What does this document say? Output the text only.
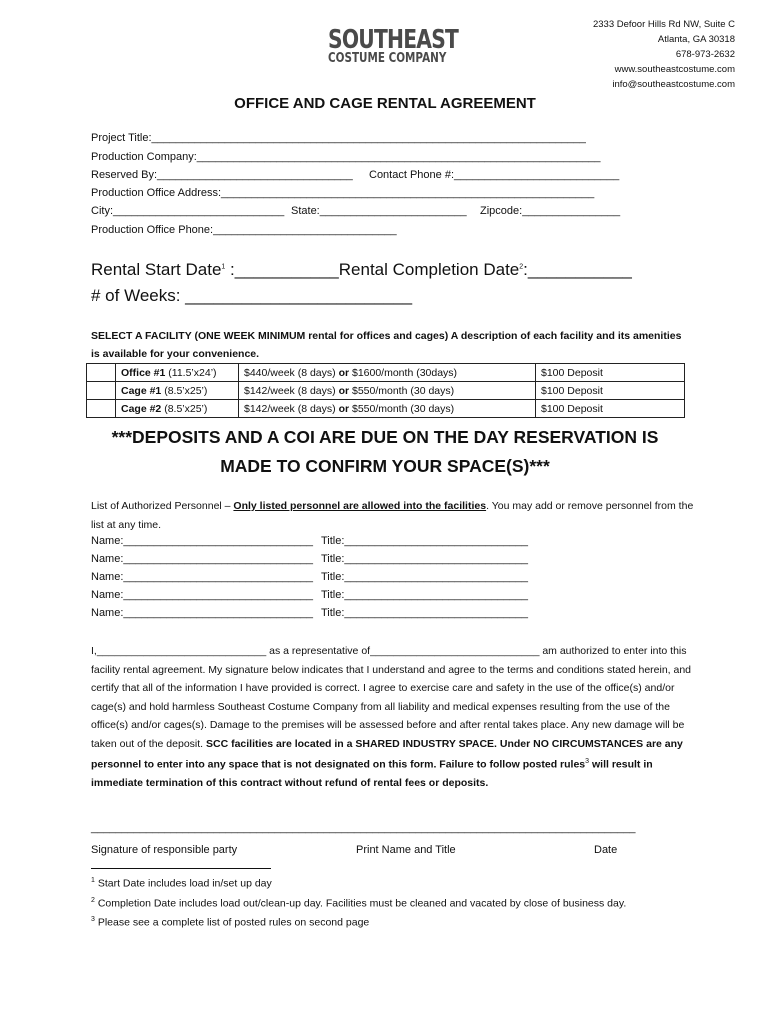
SOUTHEAST
COSTUME COMPANY
2333 Defoor Hills Rd NW, Suite C
Atlanta, GA 30318
678-973-2632
www.southeastcostume.com
info@southeastcostume.com
OFFICE AND CAGE RENTAL AGREEMENT
Project Title:_______________________________________________________________________
Production Company:__________________________________________________________________
Reserved By:________________________________ Contact Phone #:___________________________
Production Office Address:_____________________________________________________________
City:____________________________ State:________________________ Zipcode:________________
Production Office Phone:______________________________
Rental Start Date$^1$ :___________Rental Completion Date$^2$:___________
# of Weeks: ________________________
SELECT A FACILITY (ONE WEEK MINIMUM rental for offices and cages) A description of each facility and its amenities is available for your convenience.
	Office #1 (11.5’x24’)	$440/week (8 days) or $1600/month (30days)	$100 Deposit
	Cage #1 (8.5’x25’)	$142/week (8 days) or $550/month (30 days)	$100 Deposit
	Cage #2 (8.5’x25’)	$142/week (8 days) or $550/month (30 days)	$100 Deposit
***DEPOSITS AND A COI ARE DUE ON THE DAY RESERVATION IS
MADE TO CONFIRM YOUR SPACE(S)***
List of Authorized Personnel – Only listed personnel are allowed into the facilities. You may add or remove personnel from the list at any time.
Name:_______________________________ Title:______________________________
Name:_______________________________ Title:______________________________
Name:_______________________________ Title:______________________________
Name:_______________________________ Title:______________________________
Name:_______________________________ Title:______________________________
I,_____________________________ as a representative of_____________________________ am authorized to enter into this facility rental agreement. My signature below indicates that I understand and agree to the terms and conditions stated herein, and certify that all of the information I have provided is correct. I agree to exercise care and safety in the use of the office(s) and/or cage(s) and hold harmless Southeast Costume Company from all liability and medical expenses resulting from the use of the office(s) and/or cages(s). Damage to the premises will be assessed before and after rental takes place. Any new damage will be taken out of the deposit. SCC facilities are located in a SHARED INDUSTRY SPACE. Under NO CIRCUMSTANCES are any personnel to enter into any space that is not designated on this form. Failure to follow posted rules$^3$ will result in immediate termination of this contract without refund of rental fees or deposits.
_________________________________________________________________________________________
Signature of responsible party	Print Name and Title	Date
$^1$ Start Date includes load in/set up day
$^2$ Completion Date includes load out/clean-up day. Facilities must be cleaned and vacated by close of business day.
$^3$ Please see a complete list of posted rules on second page
